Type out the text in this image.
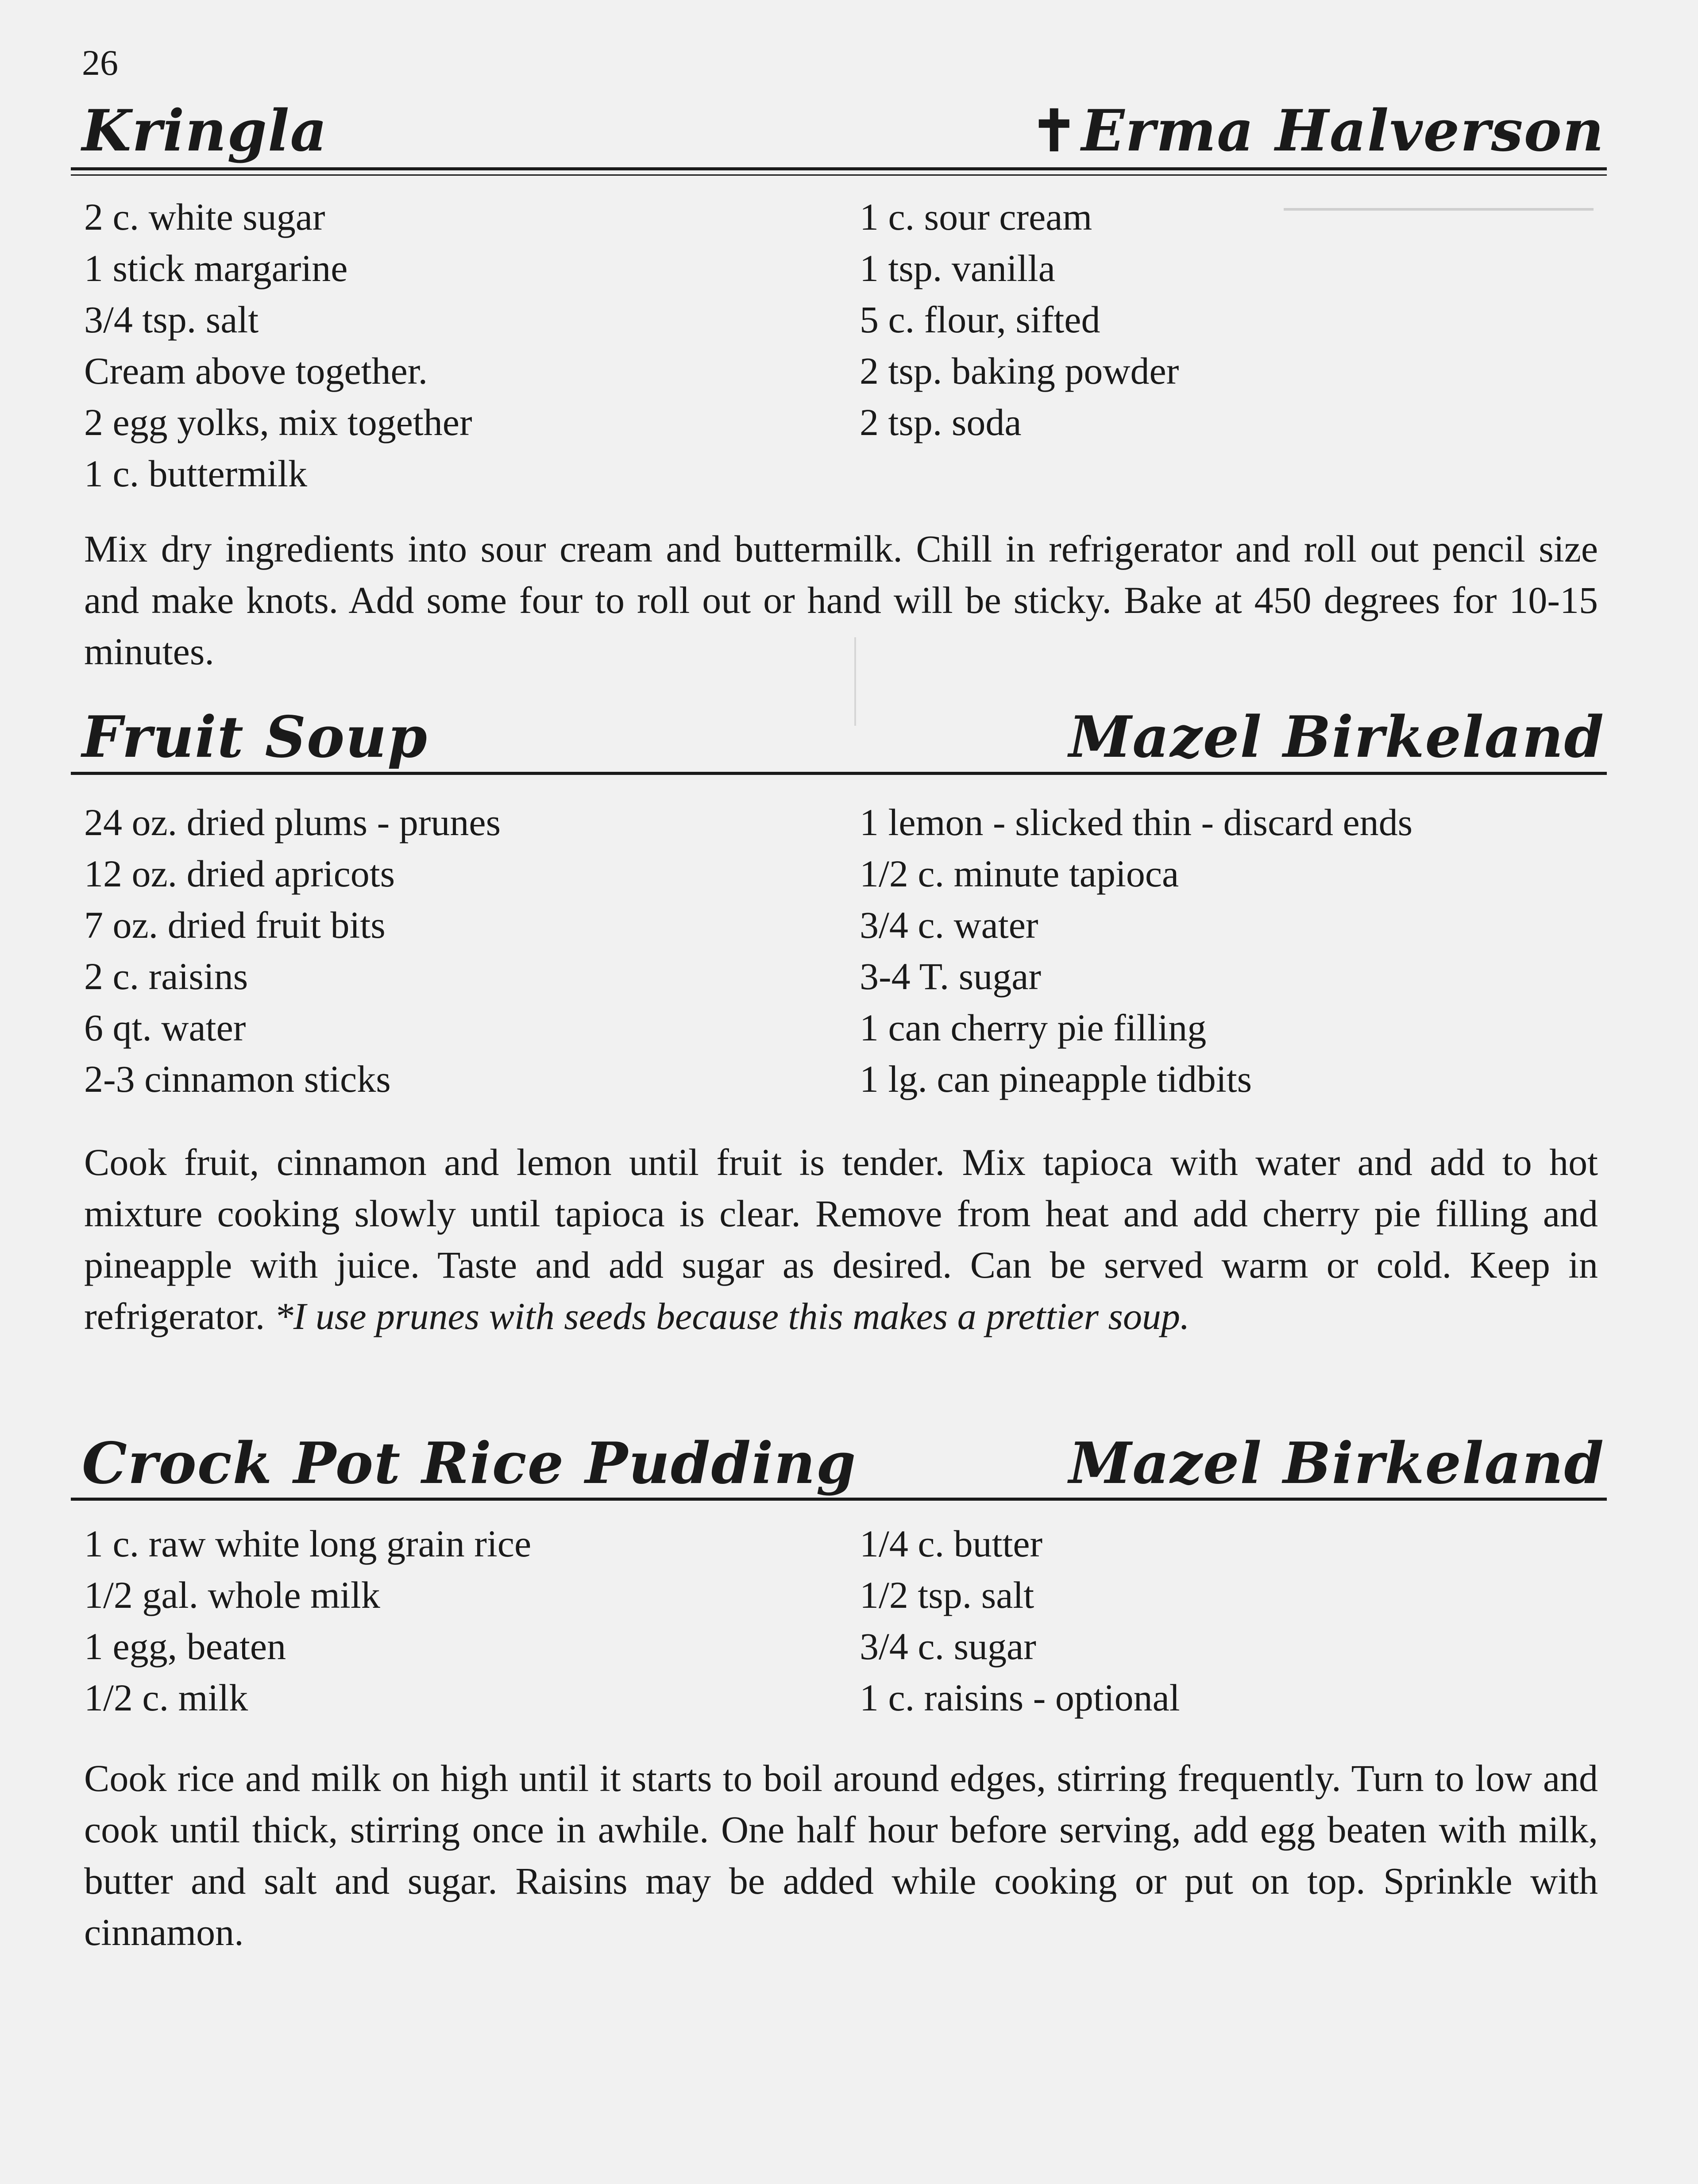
26
Kringla	✝Erma Halverson
2 c. white sugar
1 stick margarine
3/4 tsp. salt
Cream above together.
2 egg yolks, mix together
1 c. buttermilk
1 c. sour cream
1 tsp. vanilla
5 c. flour, sifted
2 tsp. baking powder
2 tsp. soda
Mix dry ingredients into sour cream and buttermilk. Chill in refrigerator and roll out pencil size and make knots. Add some four to roll out or hand will be sticky. Bake at 450 degrees for 10-15 minutes.
Fruit Soup	Mazel Birkeland
24 oz. dried plums - prunes
12 oz. dried apricots
7 oz. dried fruit bits
2 c. raisins
6 qt. water
2-3 cinnamon sticks
1 lemon - slicked thin - discard ends
1/2 c. minute tapioca
3/4 c. water
3-4 T. sugar
1 can cherry pie filling
1 lg. can pineapple tidbits
Cook fruit, cinnamon and lemon until fruit is tender. Mix tapioca with water and add to hot mixture cooking slowly until tapioca is clear. Remove from heat and add cherry pie filling and pineapple with juice. Taste and add sugar as desired. Can be served warm or cold. Keep in refrigerator. *I use prunes with seeds because this makes a prettier soup.
Crock Pot Rice Pudding	Mazel Birkeland
1 c. raw white long grain rice
1/2 gal. whole milk
1 egg, beaten
1/2 c. milk
1/4 c. butter
1/2 tsp. salt
3/4 c. sugar
1 c. raisins - optional
Cook rice and milk on high until it starts to boil around edges, stirring frequently. Turn to low and cook until thick, stirring once in awhile. One half hour before serving, add egg beaten with milk, butter and salt and sugar. Raisins may be added while cooking or put on top. Sprinkle with cinnamon.
